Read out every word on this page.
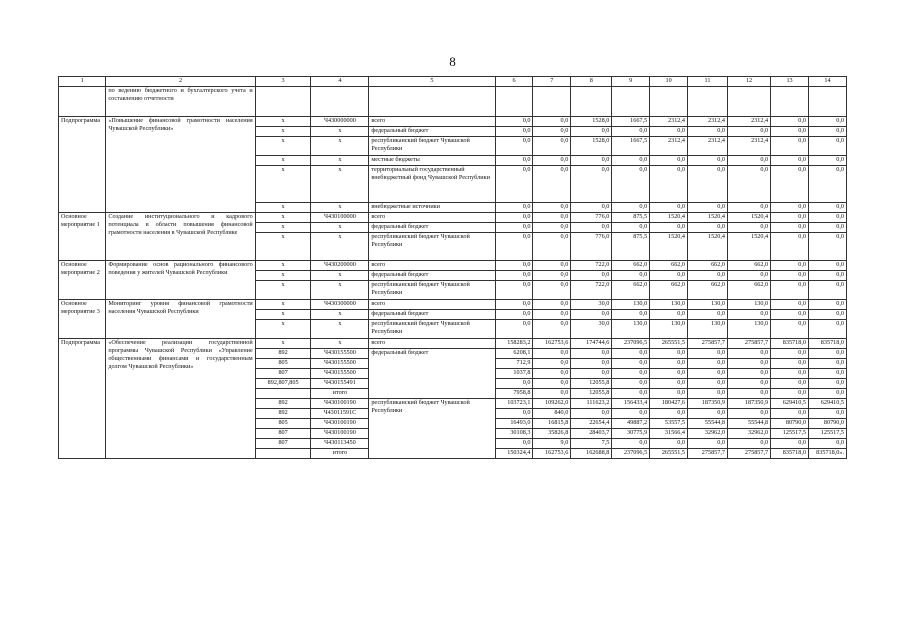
8
1	2	3	4	5	6	7	8	9	10	11	12	13	14
	по ведению бюджетного и бухгалтерского учета и составлению отчетности												
Подпрограмма	«Повышение финансовой грамотности населения Чувашской Республики»	x	Ч430000000	всего	0,0	0,0	1528,0	1667,5	2312,4	2312,4	2312,4	0,0	0,0
		x	x	федеральный бюджет	0,0	0,0	0,0	0,0	0,0	0,0	0,0	0,0	0,0
		x	x	республиканский бюджет Чувашской Республики	0,0	0,0	1528,0	1667,5	2312,4	2312,4	2312,4	0,0	0,0
		x	x	местные бюджеты	0,0	0,0	0,0	0,0	0,0	0,0	0,0	0,0	0,0
		x	x	территориальный государственный внебюджетный фонд Чувашской Республики	0,0	0,0	0,0	0,0	0,0	0,0	0,0	0,0	0,0
		x	x	внебюджетные источники	0,0	0,0	0,0	0,0	0,0	0,0	0,0	0,0	0,0
Основное мероприятие 1	Создание институционального и кадрового потенциала в области повышения финансовой грамотности населения в Чувашской Республике	x	Ч430100000	всего	0,0	0,0	776,0	875,5	1520,4	1520,4	1520,4	0,0	0,0
		x	x	федеральный бюджет	0,0	0,0	0,0	0,0	0,0	0,0	0,0	0,0	0,0
		x	x	республиканский бюджет Чувашской Республики	0,0	0,0	776,0	875,5	1520,4	1520,4	1520,4	0,0	0,0
Основное мероприятие 2	Формирование основ рационального финансового поведения у жителей Чувашской Республики	x	Ч430200000	всего	0,0	0,0	722,0	662,0	662,0	662,0	662,0	0,0	0,0
		x	x	федеральный бюджет	0,0	0,0	0,0	0,0	0,0	0,0	0,0	0,0	0,0
		x	x	республиканский бюджет Чувашской Республики	0,0	0,0	722,0	662,0	662,0	662,0	662,0	0,0	0,0
Основное мероприятие 3	Мониторинг уровня финансовой грамотности населения Чувашской Республики	x	Ч430300000	всего	0,0	0,0	30,0	130,0	130,0	130,0	130,0	0,0	0,0
		x	x	федеральный бюджет	0,0	0,0	0,0	0,0	0,0	0,0	0,0	0,0	0,0
		x	x	республиканский бюджет Чувашской Республики	0,0	0,0	30,0	130,0	130,0	130,0	130,0	0,0	0,0
Подпрограмма	«Обеспечение реализации государственной программы Чувашской Республики «Управление общественными финансами и государственным долгом Чувашской Республики»	x	x	всего	158283,2	162753,6	174744,6	237096,5	265551,5	275857,7	275857,7	835718,0	835718,0
		892	Ч430155500	федеральный бюджет	6208,1	0,0	0,0	0,0	0,0	0,0	0,0	0,0	0,0
		805	Ч430155500		712,9	0,0	0,0	0,0	0,0	0,0	0,0	0,0	0,0
		807	Ч430155500		1037,8	0,0	0,0	0,0	0,0	0,0	0,0	0,0	0,0
		892,807,805	Ч430155491		0,0	0,0	12055,8	0,0	0,0	0,0	0,0	0,0	0,0
			итого		7958,8	0,0	12055,8	0,0	0,0	0,0	0,0	0,0	0,0
		892	Ч430100190	республиканский бюджет Чувашской Республики	103723,1	109262,0	111623,2	156433,4	180427,6	187350,9	187350,9	629410,5	629410,5
		892	Ч43011591С		0,0	840,0	0,0	0,0	0,0	0,0	0,0	0,0	0,0
		805	Ч430100190		16493,0	16815,8	22654,4	49887,2	53557,5	55544,8	55544,8	80790,0	80790,0
		807	Ч430100190		30108,3	35826,8	28403,7	30775,9	31566,4	32962,0	32962,0	125517,5	125517,5
		807	Ч430113450		0,0	9,0	7,5	0,0	0,0	0,0	0,0	0,0	0,0
			итого		150324,4	162753,6	162688,8	237096,5	265551,5	275857,7	275857,7	835718,0	835718,0».
